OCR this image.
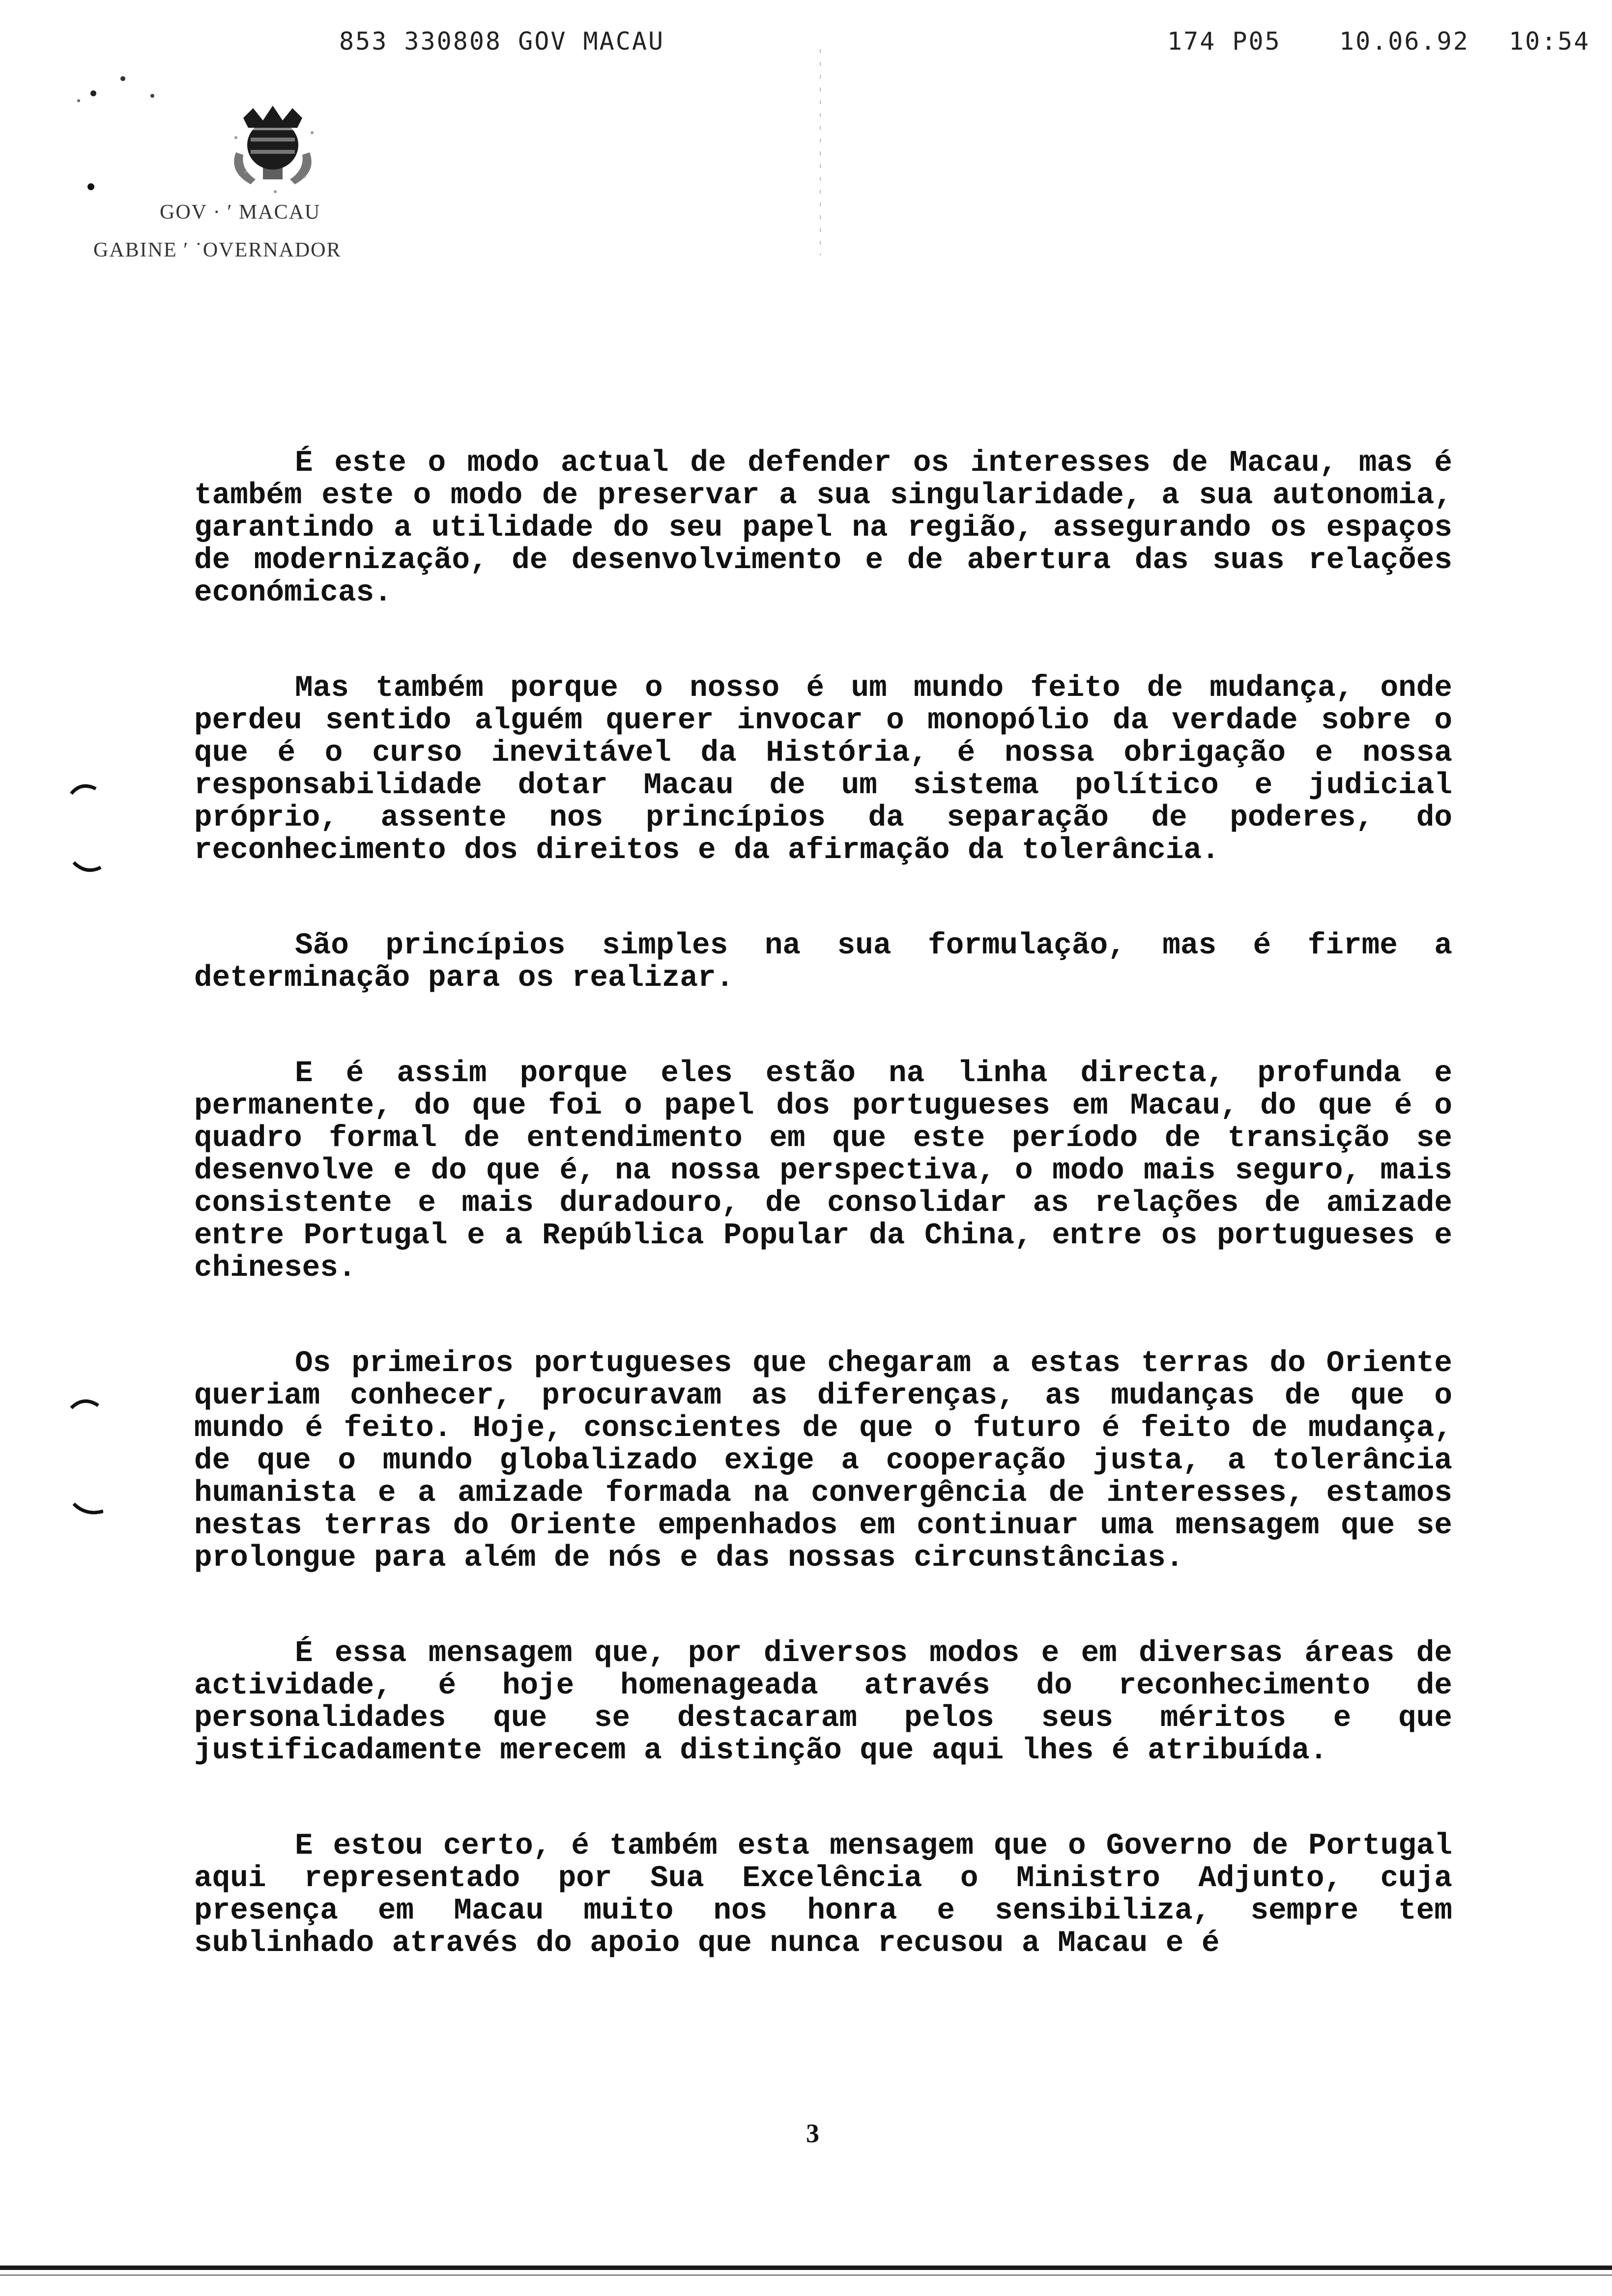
853 330808 GOV MACAU	174 P05 10.06.92 10:54
GOV · ′ MACAU
GABINE ′ ˙OVERNADOR

É este o modo actual de defender os interesses de Macau, mas é também este o modo de preservar a sua singularidade, a sua autonomia, garantindo a utilidade do seu papel na região, assegurando os espaços de modernização, de desenvolvimento e de abertura das suas relações económicas.

Mas também porque o nosso é um mundo feito de mudança, onde perdeu sentido alguém querer invocar o monopólio da verdade sobre o que é o curso inevitável da História, é nossa obrigação e nossa responsabilidade dotar Macau de um sistema político e judicial próprio, assente nos princípios da separação de poderes, do reconhecimento dos direitos e da afirmação da tolerância.

São princípios simples na sua formulação, mas é firme a determinação para os realizar.

E é assim porque eles estão na linha directa, profunda e permanente, do que foi o papel dos portugueses em Macau, do que é o quadro formal de entendimento em que este período de transição se desenvolve e do que é, na nossa perspectiva, o modo mais seguro, mais consistente e mais duradouro, de consolidar as relações de amizade entre Portugal e a República Popular da China, entre os portugueses e chineses.

Os primeiros portugueses que chegaram a estas terras do Oriente queriam conhecer, procuravam as diferenças, as mudanças de que o mundo é feito. Hoje, conscientes de que o futuro é feito de mudança, de que o mundo globalizado exige a cooperação justa, a tolerância humanista e a amizade formada na convergência de interesses, estamos nestas terras do Oriente empenhados em continuar uma mensagem que se prolongue para além de nós e das nossas circunstâncias.

É essa mensagem que, por diversos modos e em diversas áreas de actividade, é hoje homenageada através do reconhecimento de personalidades que se destacaram pelos seus méritos e que justificadamente merecem a distinção que aqui lhes é atribuída.

E estou certo, é também esta mensagem que o Governo de Portugal aqui representado por Sua Excelência o Ministro Adjunto, cuja presença em Macau muito nos honra e sensibiliza, sempre tem sublinhado através do apoio que nunca recusou a Macau e é

3
